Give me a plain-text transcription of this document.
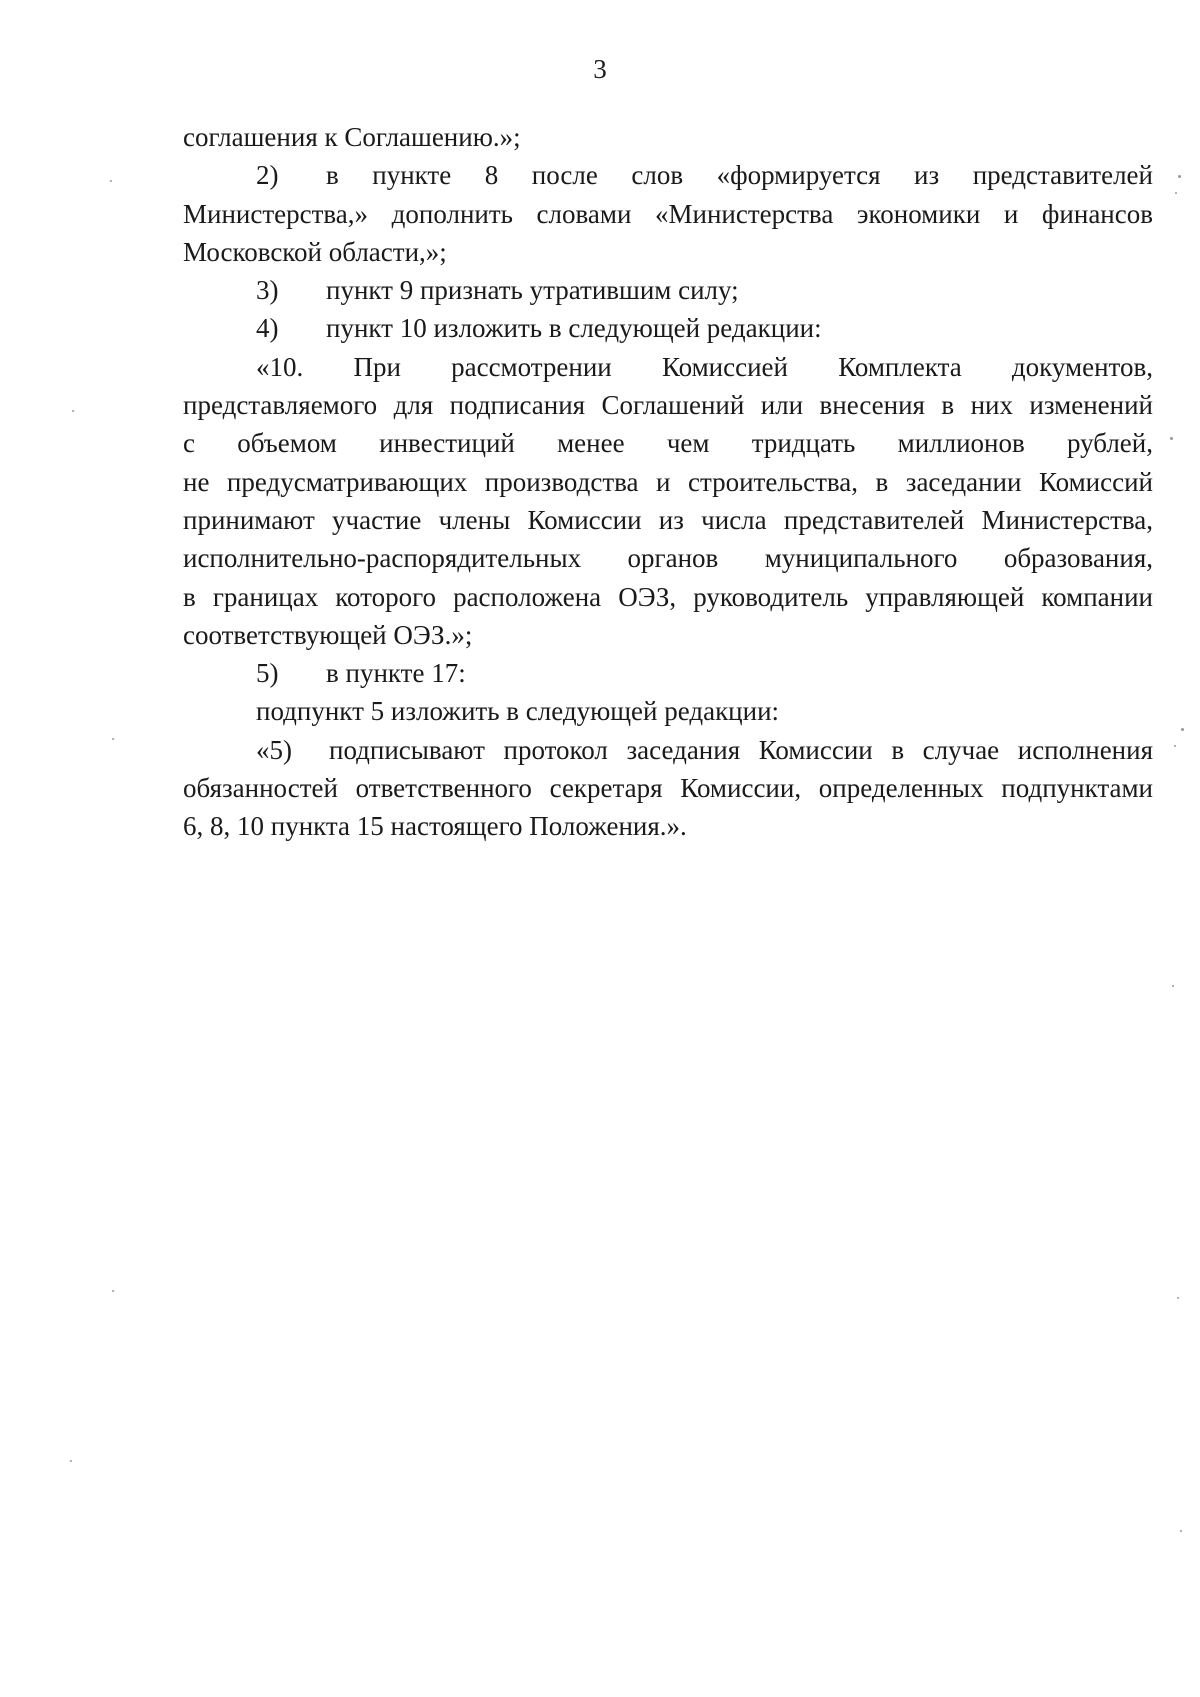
3
соглашения к Соглашению.»;
2) в пункте 8 после слов «формируется из представителей
Министерства,» дополнить словами «Министерства экономики и финансов
Московской области,»;
3) пункт 9 признать утратившим силу;
4) пункт 10 изложить в следующей редакции:
«10. При рассмотрении Комиссией Комплекта документов,
представляемого для подписания Соглашений или внесения в них изменений
с объемом инвестиций менее чем тридцать миллионов рублей,
не предусматривающих производства и строительства, в заседании Комиссий
принимают участие члены Комиссии из числа представителей Министерства,
исполнительно-распорядительных органов муниципального образования,
в границах которого расположена ОЭЗ, руководитель управляющей компании
соответствующей ОЭЗ.»;
5) в пункте 17:
подпункт 5 изложить в следующей редакции:
«5) подписывают протокол заседания Комиссии в случае исполнения
обязанностей ответственного секретаря Комиссии, определенных подпунктами
6, 8, 10 пункта 15 настоящего Положения.».
